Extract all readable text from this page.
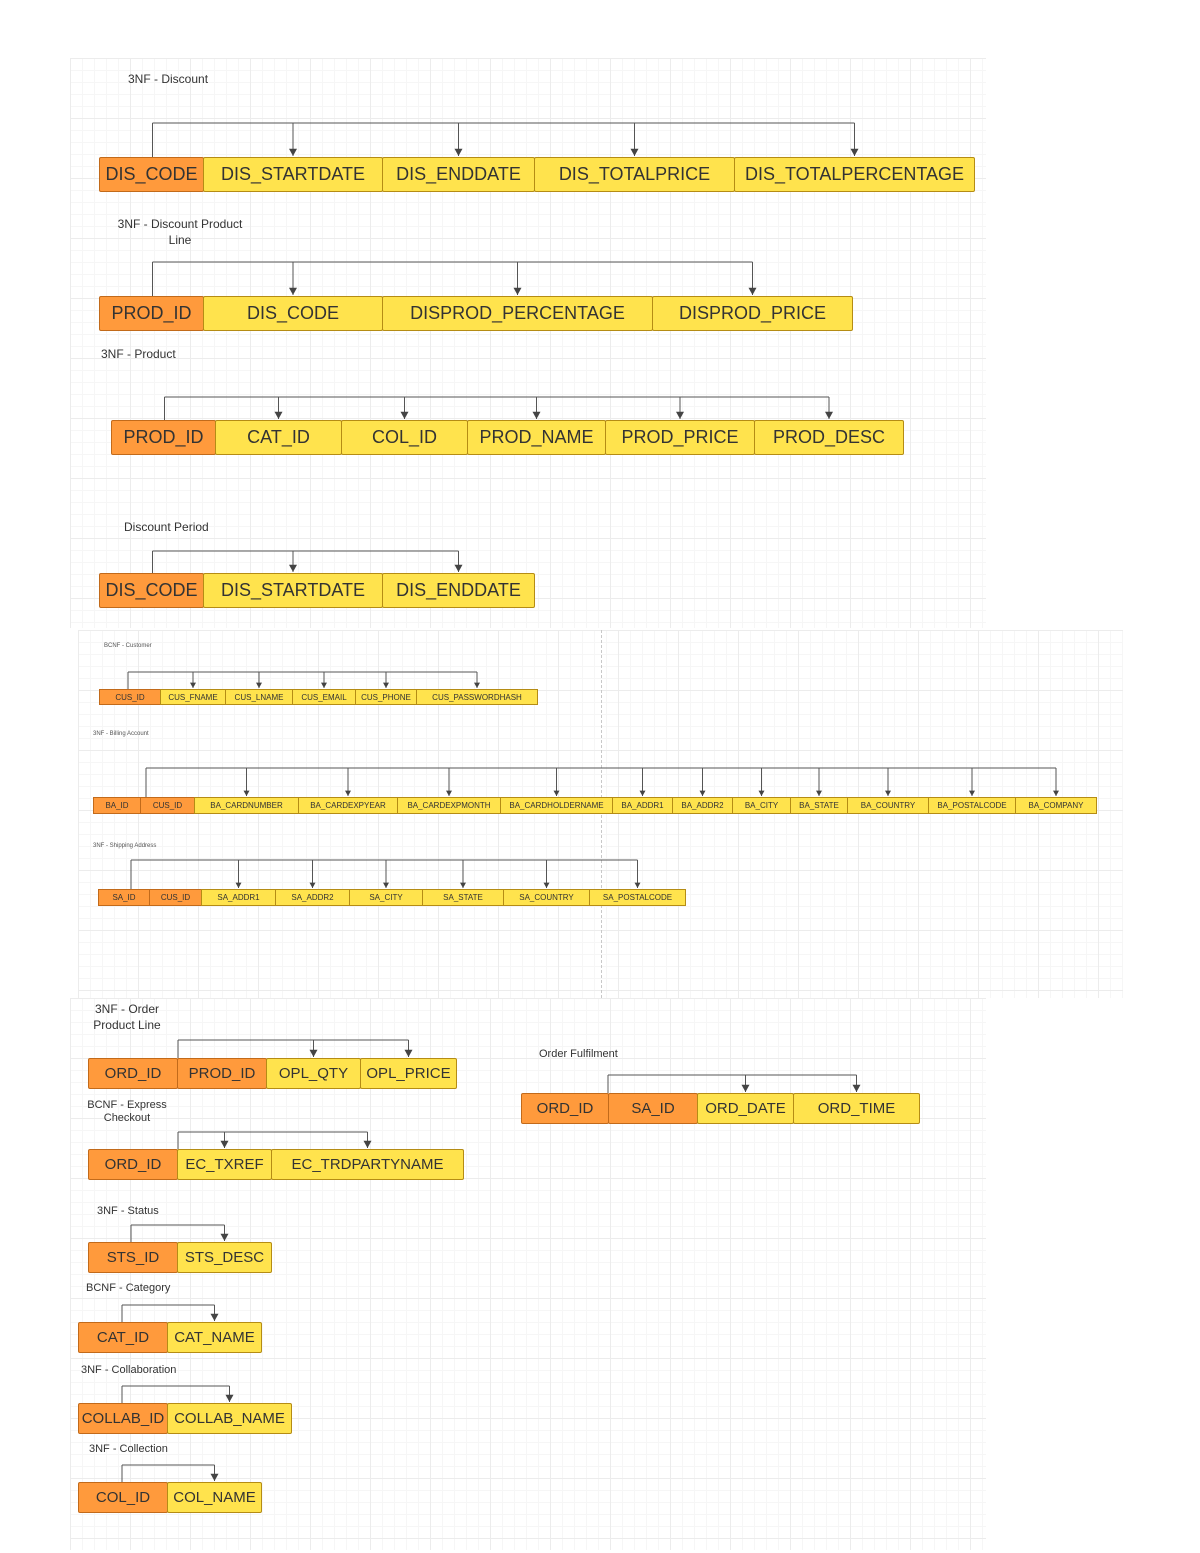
3NF - Discount
3NF - Discount Product Line
3NF - Product
Discount Period
BCNF - Customer
3NF - Billing Account
3NF - Shipping Address
3NF - Order Product Line
Order Fulfilment
BCNF - Express Checkout
3NF - Status
BCNF - Category
3NF - Collaboration
3NF - Collection
DIS_CODE	DIS_STARTDATE	DIS_ENDDATE	DIS_TOTALPRICE	DIS_TOTALPERCENTAGE
PROD_ID	DIS_CODE	DISPROD_PERCENTAGE	DISPROD_PRICE
PROD_ID	CAT_ID	COL_ID	PROD_NAME	PROD_PRICE	PROD_DESC
DIS_CODE	DIS_STARTDATE	DIS_ENDDATE
CUS_ID	CUS_FNAME	CUS_LNAME	CUS_EMAIL	CUS_PHONE	CUS_PASSWORDHASH
BA_ID	CUS_ID	BA_CARDNUMBER	BA_CARDEXPYEAR	BA_CARDEXPMONTH	BA_CARDHOLDERNAME	BA_ADDR1	BA_ADDR2	BA_CITY	BA_STATE	BA_COUNTRY	BA_POSTALCODE	BA_COMPANY
SA_ID	CUS_ID	SA_ADDR1	SA_ADDR2	SA_CITY	SA_STATE	SA_COUNTRY	SA_POSTALCODE
ORD_ID	PROD_ID	OPL_QTY	OPL_PRICE
ORD_ID	SA_ID	ORD_DATE	ORD_TIME
ORD_ID	EC_TXREF	EC_TRDPARTYNAME
STS_ID	STS_DESC
CAT_ID	CAT_NAME
COLLAB_ID COLLAB_NAME
COL_ID	COL_NAME
